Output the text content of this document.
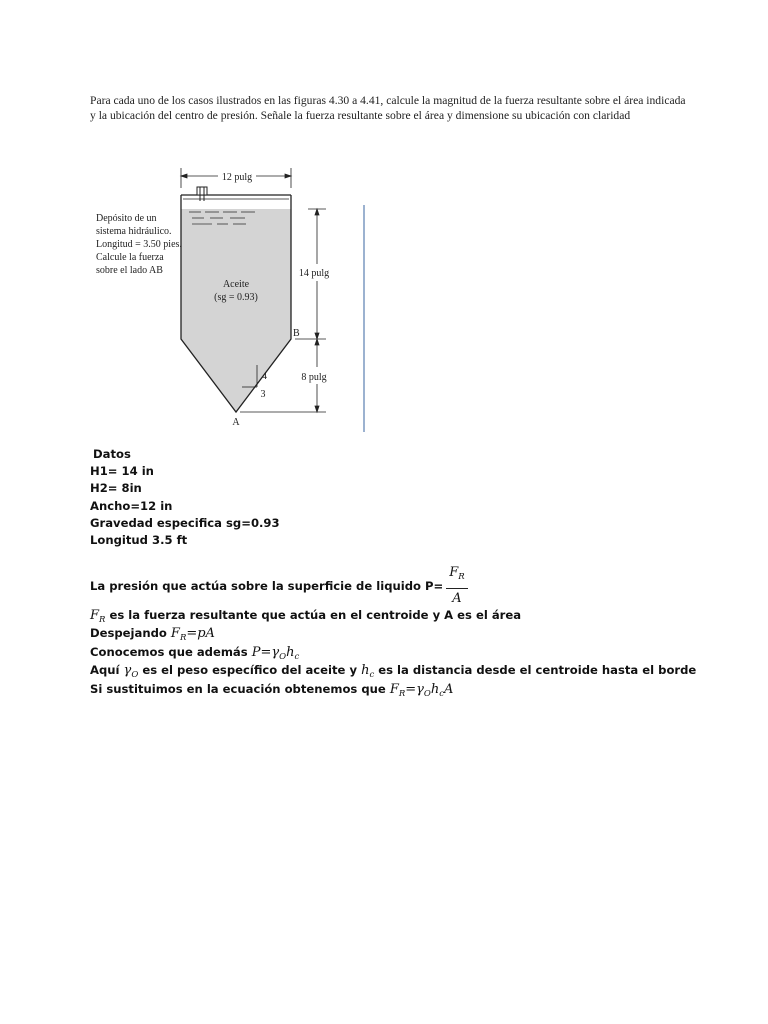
Para cada uno de los casos ilustrados en las figuras 4.30 a 4.41, calcule la magnitud de la fuerza resultante sobre el área indicada
y la ubicación del centro de presión. Señale la fuerza resultante sobre el área y dimensione su ubicación con claridad

12 pulg
14 pulg
8 pulg
4
3
B
A
Aceite
(sg = 0.93)
Depósito de un
sistema hidráulico.
Longitud = 3.50 pies.
Calcule la fuerza
sobre el lado AB
Datos
H1= 14 in
H2= 8in
Ancho=12 in
Gravedad especifica sg=0.93
Longitud 3.5 ft
La presión que actúa sobre la superficie de liquido $P= \frac{F_R}{A}$
$F_R$ es la fuerza resultante que actúa en el centroide y A es el área
Despejando $F_R=pA$
Conocemos que además $P=\gamma_Oh_c$
Aquí $\gamma_O$ es el peso específico del aceite y $h_c$ es la distancia desde el centroide hasta el borde
Si sustituimos en la ecuación obtenemos que $F_R=\gamma_Oh_cA$
